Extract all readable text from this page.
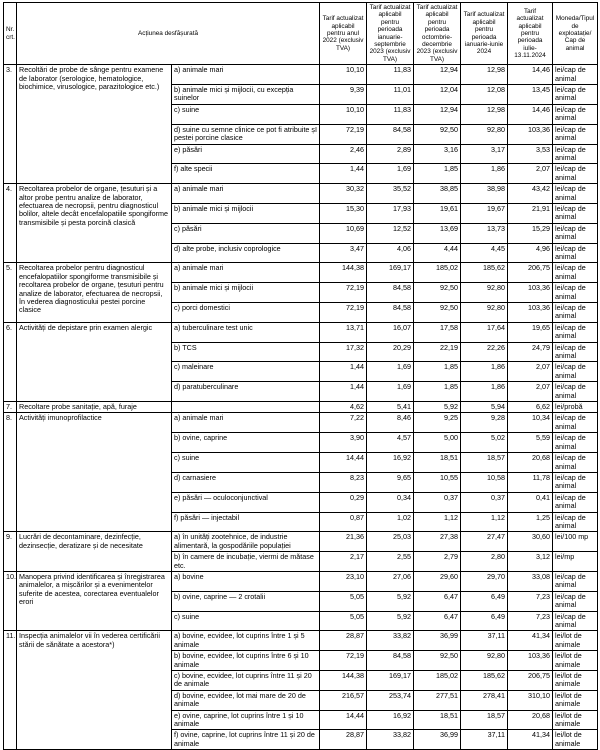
Nr. crt.	Acțiunea desfășurată		Tarif actualizat aplicabil pentru anul 2022 (exclusiv TVA)	Tarif actualizat aplicabil pentru perioada ianuarie-septembrie 2023 (exclusiv TVA)	Tarif actualizat aplicabil pentru perioada octombrie-decembrie 2023 (exclusiv TVA)	Tarif actualizat aplicabil pentru perioada ianuarie-iunie 2024	Tarif actualizat aplicabil pentru perioada iulie-13.11.2024	Moneda/Tipul de exploatație/ Cap de animal
3.	Recoltări de probe de sânge pentru examene de laborator (serologice, hematologice, biochimice, virusologice, parazitologice etc.)	a) animale mari	10,10	11,83	12,94	12,98	14,46	lei/cap de animal
		b) animale mici și mijlocii, cu excepția suinelor	9,39	11,01	12,04	12,08	13,45	lei/cap de animal
		c) suine	10,10	11,83	12,94	12,98	14,46	lei/cap de animal
		d) suine cu semne clinice ce pot fi atribuite șI pestei porcine clasice	72,19	84,58	92,50	92,80	103,36	lei/cap de animal
		e) păsări	2,46	2,89	3,16	3,17	3,53	lei/cap de animal
		f) alte specii	1,44	1,69	1,85	1,86	2,07	lei/cap de animal
4.	Recoltarea probelor de organe, țesuturi și a altor probe pentru analize de laborator, efectuarea de necropsii, pentru diagnosticul bolilor, altele decât encefalopatiile spongiforme transmisibile și pesta porcină clasică	a) animale mari	30,32	35,52	38,85	38,98	43,42	lei/cap de animal
		b) animale mici și mijlocii	15,30	17,93	19,61	19,67	21,91	lei/cap de animal
		c) păsări	10,69	12,52	13,69	13,73	15,29	lei/cap de animal
		d) alte probe, inclusiv coprologice	3,47	4,06	4,44	4,45	4,96	lei/cap de animal
5.	Recoltarea probelor pentru diagnosticul encefalopatiilor spongiforme transmisibile și recoltarea probelor de organe, țesuturi pentru analize de laborator, efectuarea de necropsii, în vederea diagnosticului pestei porcine clasice	a) animale mari	144,38	169,17	185,02	185,62	206,75	lei/cap de animal
		b) animale mici și mijlocii	72,19	84,58	92,50	92,80	103,36	lei/cap de animal
		c) porci domestici	72,19	84,58	92,50	92,80	103,36	lei/cap de animal
6.	Activități de depistare prin examen alergic	a) tuberculinare test unic	13,71	16,07	17,58	17,64	19,65	lei/cap de animal
		b) TCS	17,32	20,29	22,19	22,26	24,79	lei/cap de animal
		c) maleinare	1,44	1,69	1,85	1,86	2,07	lei/cap de animal
		d) paratuberculinare	1,44	1,69	1,85	1,86	2,07	lei/cap de animal
7.	Recoltare probe sanitație, apă, furaje		4,62	5,41	5,92	5,94	6,62	lei/probă
8.	Activități imunoprofilactice	a) animale mari	7,22	8,46	9,25	9,28	10,34	lei/cap de animal
		b) ovine, caprine	3,90	4,57	5,00	5,02	5,59	lei/cap de animal
		c) suine	14,44	16,92	18,51	18,57	20,68	lei/cap de animal
		d) carnasiere	8,23	9,65	10,55	10,58	11,78	lei/cap de animal
		e) păsări — oculoconjunctival	0,29	0,34	0,37	0,37	0,41	lei/cap de animal
		f) păsări — injectabil	0,87	1,02	1,12	1,12	1,25	lei/cap de animal
9.	Lucrări de decontaminare, dezinfecție, dezinsecție, deratizare și de necesitate	a) în unități zootehnice, de industrie alimentară, la gospodăriile populației	21,36	25,03	27,38	27,47	30,60	lei/100 mp
		b) în camere de incubație, viermi de mătase etc.	2,17	2,55	2,79	2,80	3,12	lei/mp
10.	Manopera privind identificarea și înregistrarea animalelor, a mișcărilor și a evenimentelor suferite de acestea, corectarea eventualelor erori	a) bovine	23,10	27,06	29,60	29,70	33,08	lei/cap de animal
		b) ovine, caprine — 2 crotalii	5,05	5,92	6,47	6,49	7,23	lei/cap de animal
		c) suine	5,05	5,92	6,47	6,49	7,23	lei/cap de animal
11.	Inspecția animalelor vii în vederea certificării stării de sănătate a acestora*)	a) bovine, ecvidee, lot cuprins între 1 și 5 animale	28,87	33,82	36,99	37,11	41,34	lei/lot de animale
		b) bovine, ecvidee, lot cuprins între 6 și 10 animale	72,19	84,58	92,50	92,80	103,36	lei/lot de animale
		c) bovine, ecvidee, lot cuprins între 11 și 20 de animale	144,38	169,17	185,02	185,62	206,75	lei/lot de animale
		d) bovine, ecvidee, lot mai mare de 20 de animale	216,57	253,74	277,51	278,41	310,10	lei/lot de animale
		e) ovine, caprine, lot cuprins între 1 și 10 animale	14,44	16,92	18,51	18,57	20,68	lei/lot de animale
		f) ovine, caprine, lot cuprins între 11 și 20 de animale	28,87	33,82	36,99	37,11	41,34	lei/lot de animale
